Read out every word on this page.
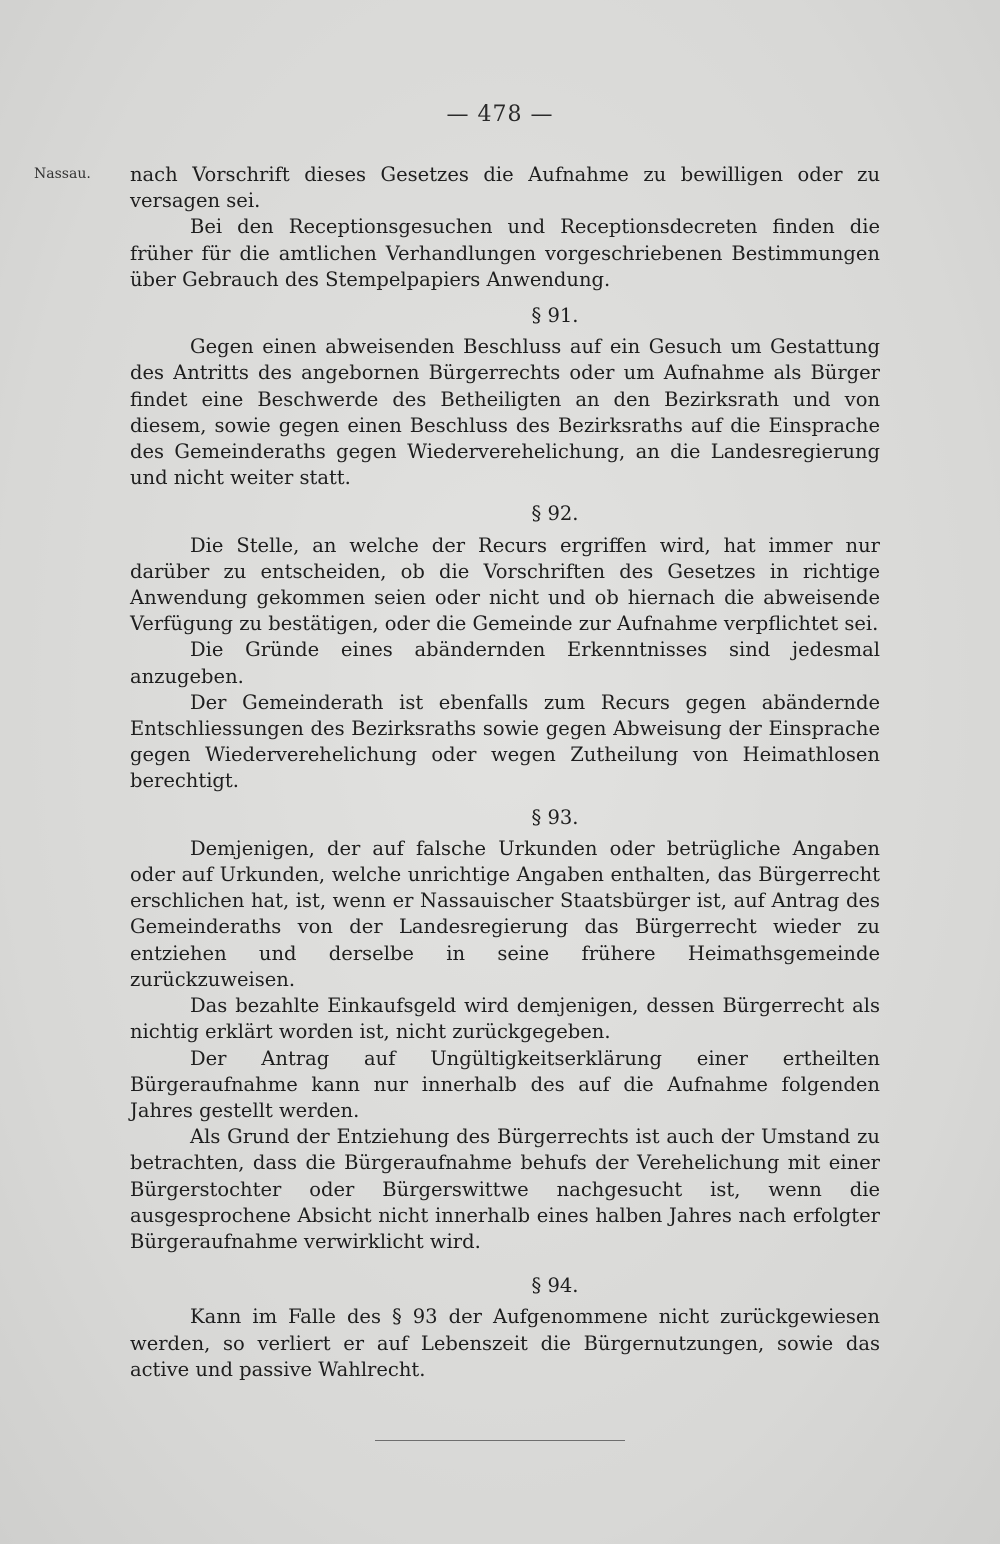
— 478 —
Nassau. nach Vorschrift dieses Gesetzes die Aufnahme zu bewilligen oder zu versagen sei.

Bei den Receptionsgesuchen und Receptionsdecreten finden die früher für die amtlichen Verhandlungen vorgeschriebenen Bestimmungen über Gebrauch des Stempelpapiers Anwendung.

§ 91.

Gegen einen abweisenden Beschluss auf ein Gesuch um Gestattung des Antritts des angebornen Bürgerrechts oder um Aufnahme als Bürger findet eine Beschwerde des Betheiligten an den Bezirksrath und von diesem, sowie gegen einen Beschluss des Bezirksraths auf die Einsprache des Gemeinderaths gegen Wiederverehelichung, an die Landesregierung und nicht weiter statt.

§ 92.

Die Stelle, an welche der Recurs ergriffen wird, hat immer nur darüber zu entscheiden, ob die Vorschriften des Gesetzes in richtige Anwendung gekommen seien oder nicht und ob hiernach die abweisende Verfügung zu bestätigen, oder die Gemeinde zur Aufnahme verpflichtet sei.

Die Gründe eines abändernden Erkenntnisses sind jedesmal anzugeben.

Der Gemeinderath ist ebenfalls zum Recurs gegen abändernde Entschliessungen des Bezirksraths sowie gegen Abweisung der Einsprache gegen Wiederverehelichung oder wegen Zutheilung von Heimathlosen berechtigt.

§ 93.

Demjenigen, der auf falsche Urkunden oder betrügliche Angaben oder auf Urkunden, welche unrichtige Angaben enthalten, das Bürgerrecht erschlichen hat, ist, wenn er Nassauischer Staatsbürger ist, auf Antrag des Gemeinderaths von der Landesregierung das Bürgerrecht wieder zu entziehen und derselbe in seine frühere Heimathsgemeinde zurückzuweisen.

Das bezahlte Einkaufsgeld wird demjenigen, dessen Bürgerrecht als nichtig erklärt worden ist, nicht zurückgegeben.

Der Antrag auf Ungültigkeitserklärung einer ertheilten Bürgeraufnahme kann nur innerhalb des auf die Aufnahme folgenden Jahres gestellt werden.

Als Grund der Entziehung des Bürgerrechts ist auch der Umstand zu betrachten, dass die Bürgeraufnahme behufs der Verehelichung mit einer Bürgerstochter oder Bürgerswittwe nachgesucht ist, wenn die ausgesprochene Absicht nicht innerhalb eines halben Jahres nach erfolgter Bürgeraufnahme verwirklicht wird.

§ 94.

Kann im Falle des § 93 der Aufgenommene nicht zurückgewiesen werden, so verliert er auf Lebenszeit die Bürgernutzungen, sowie das active und passive Wahlrecht.
